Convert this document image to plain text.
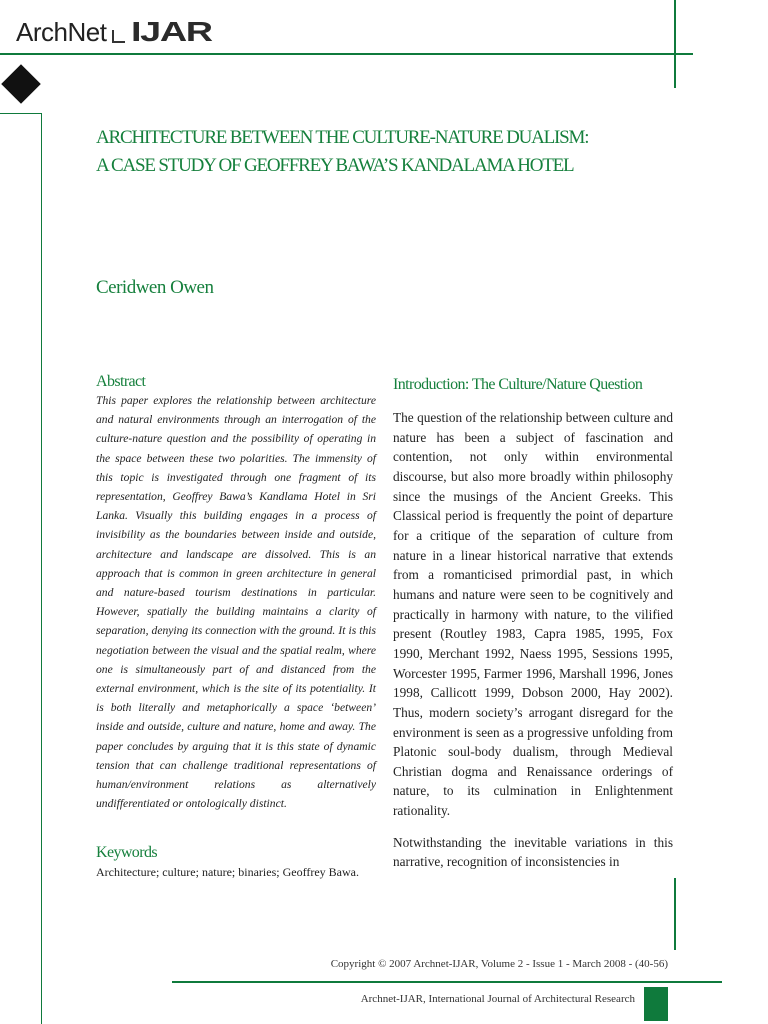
ArchNet IJAR
ARCHITECTURE BETWEEN THE CULTURE-NATURE DUALISM:
A CASE STUDY OF GEOFFREY BAWA’S KANDALAMA HOTEL
Ceridwen Owen
Abstract
This paper explores the relationship between architecture and natural environments through an interrogation of the culture-nature question and the possibility of operating in the space between these two polarities. The immensity of this topic is investigated through one fragment of its representation, Geoffrey Bawa’s Kandlama Hotel in Sri Lanka. Visually this building engages in a process of invisibility as the boundaries between inside and outside, architecture and landscape are dissolved. This is an approach that is common in green architecture in general and nature-based tourism destinations in particular. However, spatially the building maintains a clarity of separation, denying its connection with the ground. It is this negotiation between the visual and the spatial realm, where one is simultaneously part of and distanced from the external environment, which is the site of its potentiality. It is both literally and metaphorically a space ‘between’ inside and outside, culture and nature, home and away. The paper concludes by arguing that it is this state of dynamic tension that can challenge traditional representations of human/environment relations as alternatively undifferentiated or ontologically distinct.
Keywords
Architecture; culture; nature; binaries; Geoffrey Bawa.
Introduction: The Culture/Nature Question

The question of the relationship between culture and nature has been a subject of fascination and contention, not only within environmental discourse, but also more broadly within philosophy since the musings of the Ancient Greeks. This Classical period is frequently the point of departure for a critique of the separation of culture from nature in a linear historical narrative that extends from a romanticised primordial past, in which humans and nature were seen to be cognitively and practically in harmony with nature, to the vilified present (Routley 1983, Capra 1985, 1995, Fox 1990, Merchant 1992, Naess 1995, Sessions 1995, Worcester 1995, Farmer 1996, Marshall 1996, Jones 1998, Callicott 1999, Dobson 2000, Hay 2002). Thus, modern society’s arrogant disregard for the environment is seen as a progressive unfolding from Platonic soul-body dualism, through Medieval Christian dogma and Renaissance orderings of nature, to its culmination in Enlightenment rationality.

Notwithstanding the inevitable variations in this narrative, recognition of inconsistencies in

Copyright © 2007 Archnet-IJAR, Volume 2 - Issue 1 - March 2008 - (40-56)
Archnet-IJAR, International Journal of Architectural Research
